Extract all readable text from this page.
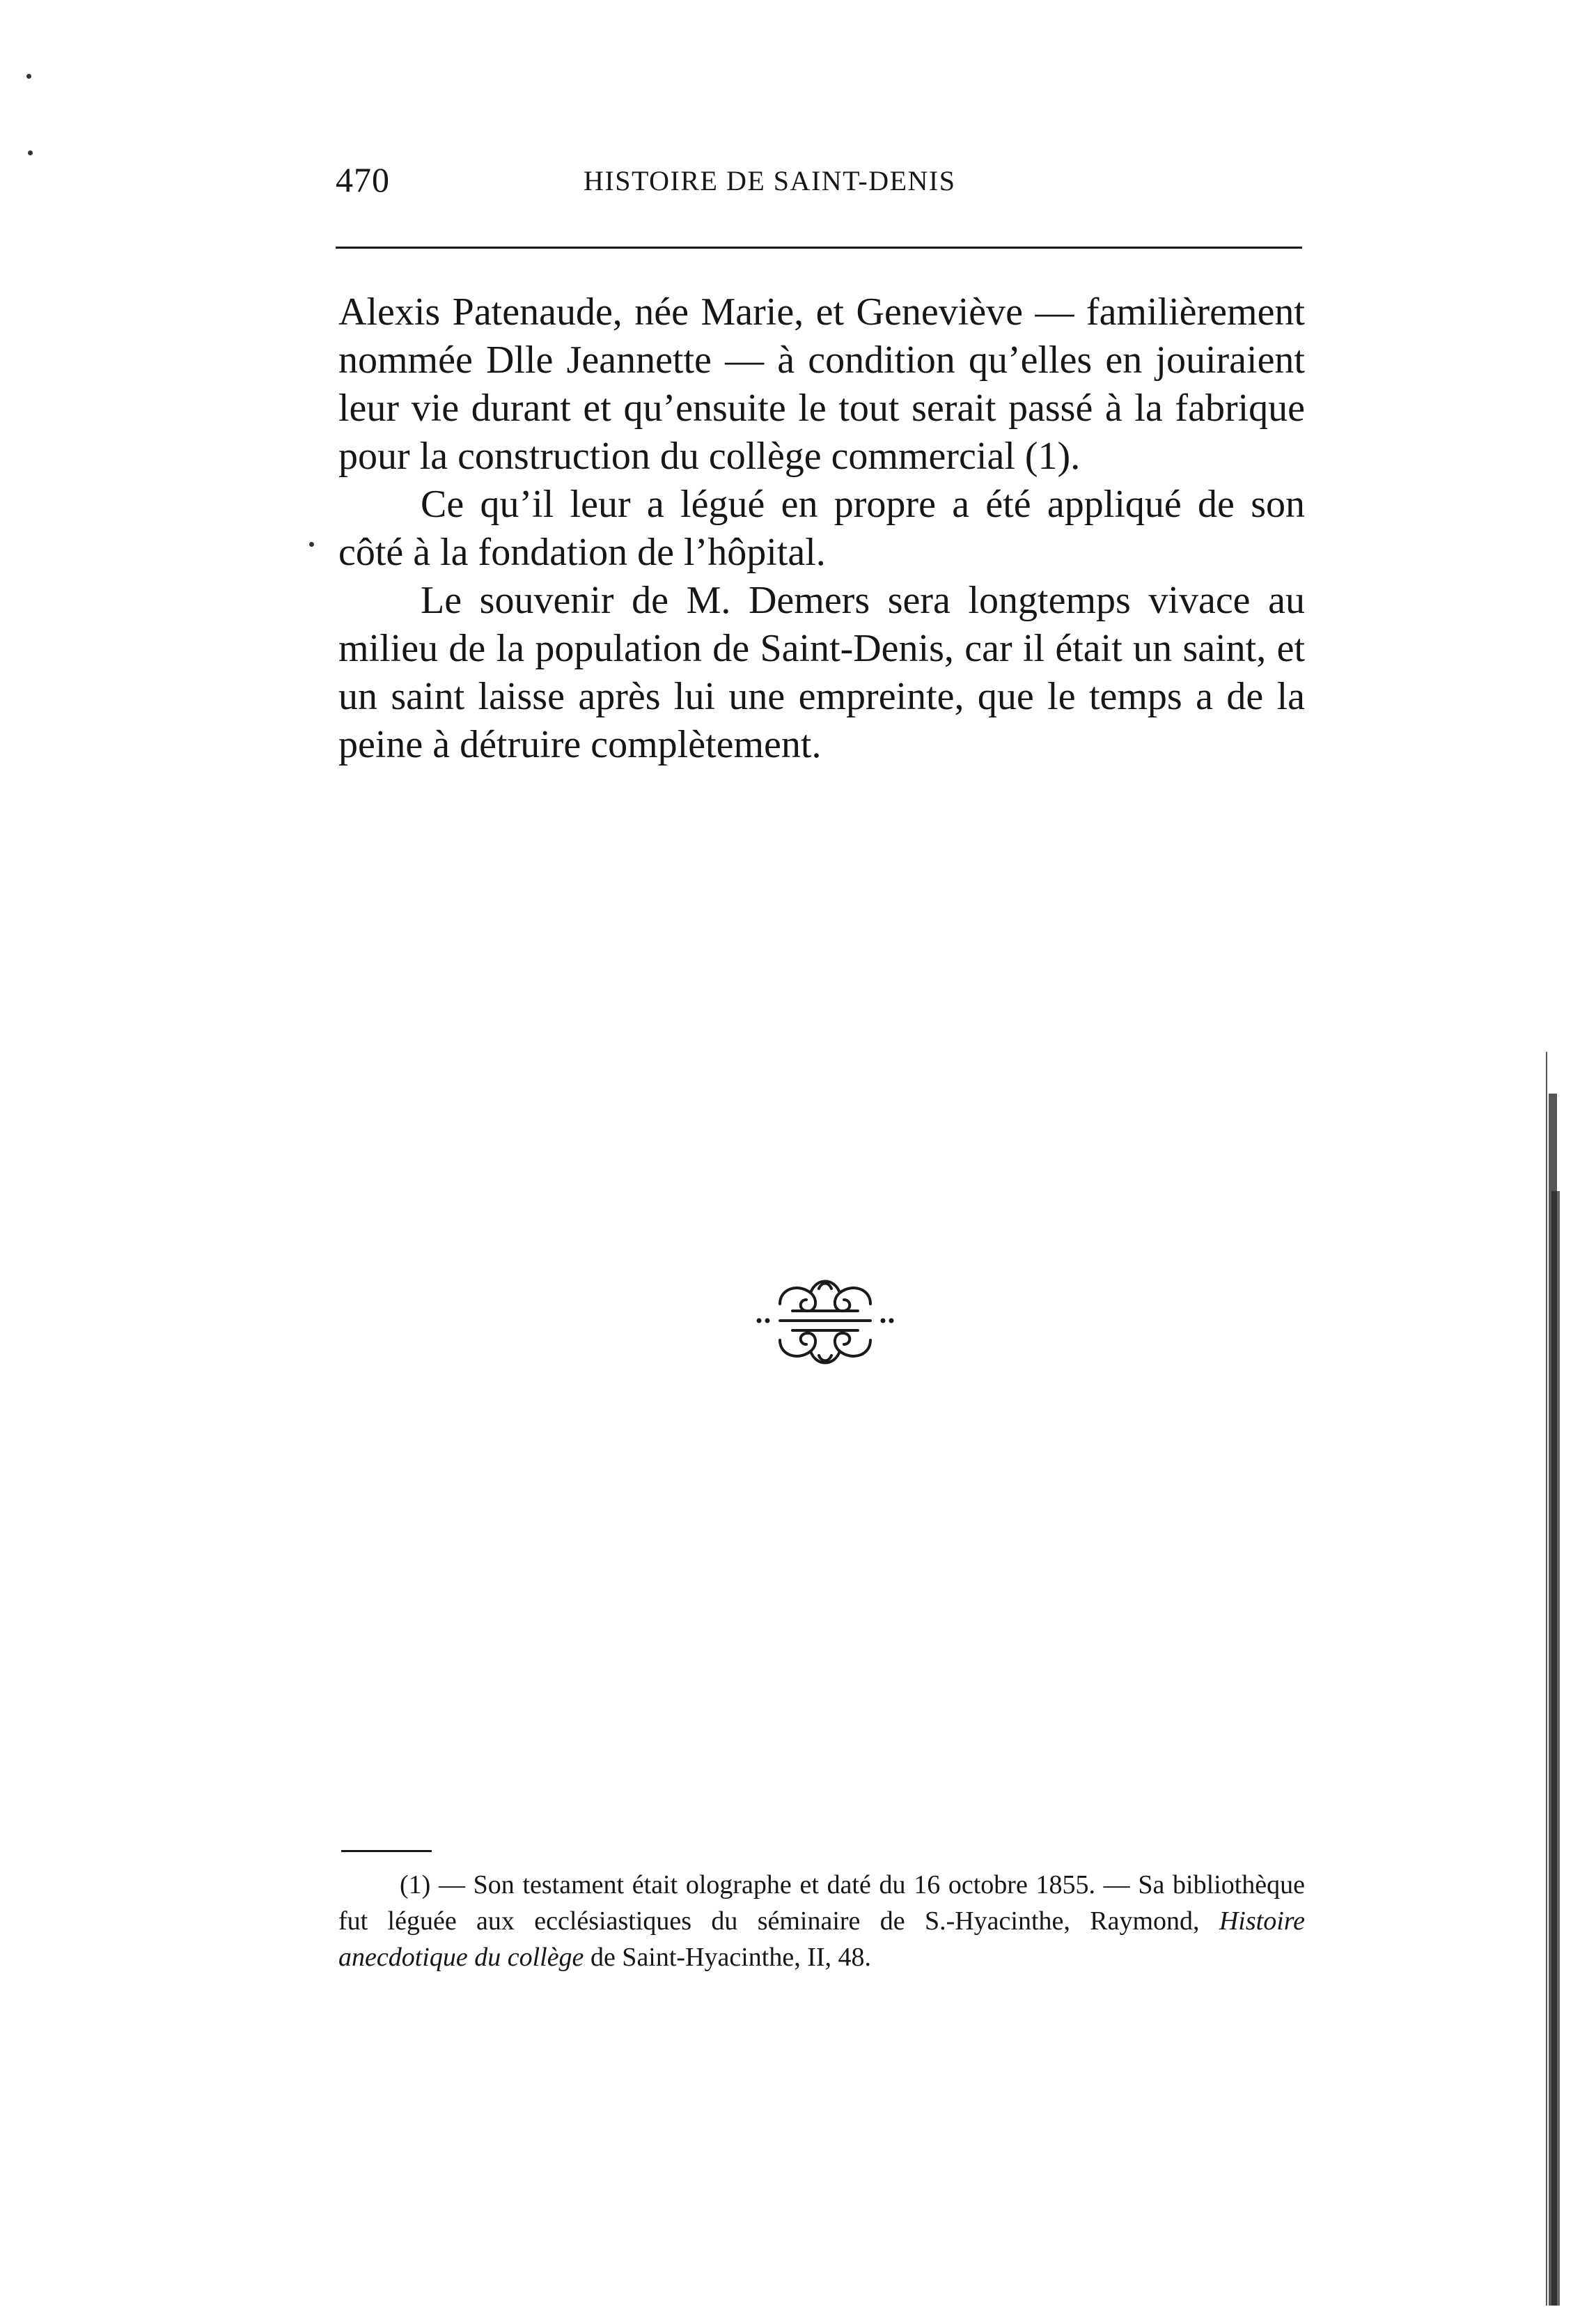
470	HISTOIRE DE SAINT-DENIS

Alexis Patenaude, née Marie, et Geneviève — familièrement nommée Dlle Jeannette — à condition qu’elles en jouiraient leur vie durant et qu’ensuite le tout serait passé à la fabrique pour la construction du collège commercial (1).

Ce qu’il leur a légué en propre a été appliqué de son côté à la fondation de l’hôpital.

Le souvenir de M. Demers sera longtemps vivace au milieu de la population de Saint-Denis, car il était un saint, et un saint laisse après lui une empreinte, que le temps a de la peine à détruire complètement.

(1) — Son testament était olographe et daté du 16 octobre 1855. — Sa bibliothèque fut léguée aux ecclésiastiques du séminaire de S.-Hyacinthe, Raymond, Histoire anecdotique du collège de Saint-Hyacinthe, II, 48.
